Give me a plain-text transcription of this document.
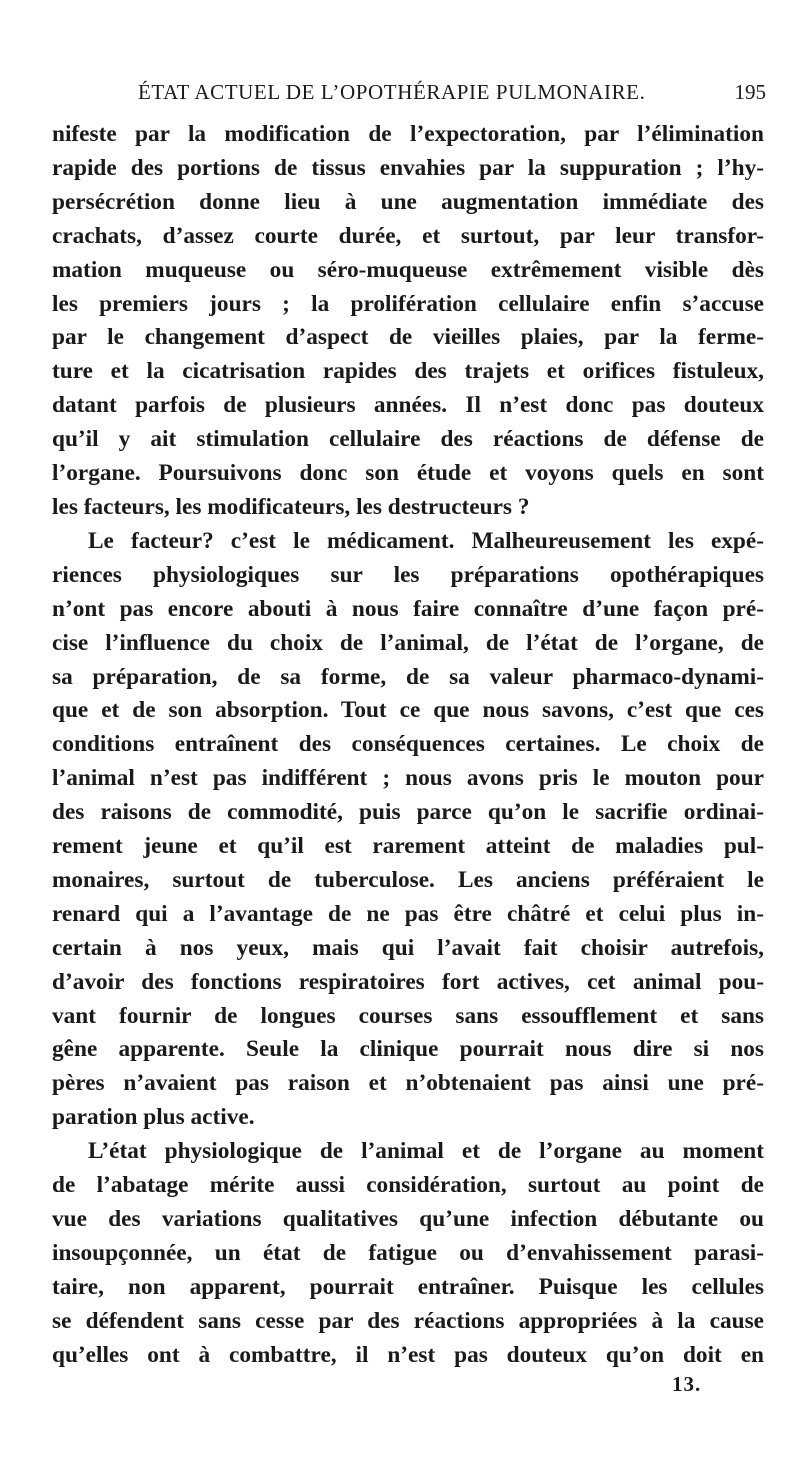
ÉTAT ACTUEL DE L’OPOTHÉRAPIE PULMONAIRE.	195
nifeste par la modification de l’expectoration, par l’élimination
rapide des portions de tissus envahies par la suppuration ; l’hy-
persécrétion donne lieu à une augmentation immédiate des
crachats, d’assez courte durée, et surtout, par leur transfor-
mation muqueuse ou séro-muqueuse extrêmement visible dès
les premiers jours ; la prolifération cellulaire enfin s’accuse
par le changement d’aspect de vieilles plaies, par la ferme-
ture et la cicatrisation rapides des trajets et orifices fistuleux,
datant parfois de plusieurs années. Il n’est donc pas douteux
qu’il y ait stimulation cellulaire des réactions de défense de
l’organe. Poursuivons donc son étude et voyons quels en sont
les facteurs, les modificateurs, les destructeurs ?
Le facteur? c’est le médicament. Malheureusement les expé-
riences physiologiques sur les préparations opothérapiques
n’ont pas encore abouti à nous faire connaître d’une façon pré-
cise l’influence du choix de l’animal, de l’état de l’organe, de
sa préparation, de sa forme, de sa valeur pharmaco-dynami-
que et de son absorption. Tout ce que nous savons, c’est que ces
conditions entraînent des conséquences certaines. Le choix de
l’animal n’est pas indifférent ; nous avons pris le mouton pour
des raisons de commodité, puis parce qu’on le sacrifie ordinai-
rement jeune et qu’il est rarement atteint de maladies pul-
monaires, surtout de tuberculose. Les anciens préféraient le
renard qui a l’avantage de ne pas être châtré et celui plus in-
certain à nos yeux, mais qui l’avait fait choisir autrefois,
d’avoir des fonctions respiratoires fort actives, cet animal pou-
vant fournir de longues courses sans essoufflement et sans
gêne apparente. Seule la clinique pourrait nous dire si nos
pères n’avaient pas raison et n’obtenaient pas ainsi une pré-
paration plus active.
L’état physiologique de l’animal et de l’organe au moment
de l’abatage mérite aussi considération, surtout au point de
vue des variations qualitatives qu’une infection débutante ou
insoupçonnée, un état de fatigue ou d’envahissement parasi-
taire, non apparent, pourrait entraîner. Puisque les cellules
se défendent sans cesse par des réactions appropriées à la cause
qu’elles ont à combattre, il n’est pas douteux qu’on doit en
13.
